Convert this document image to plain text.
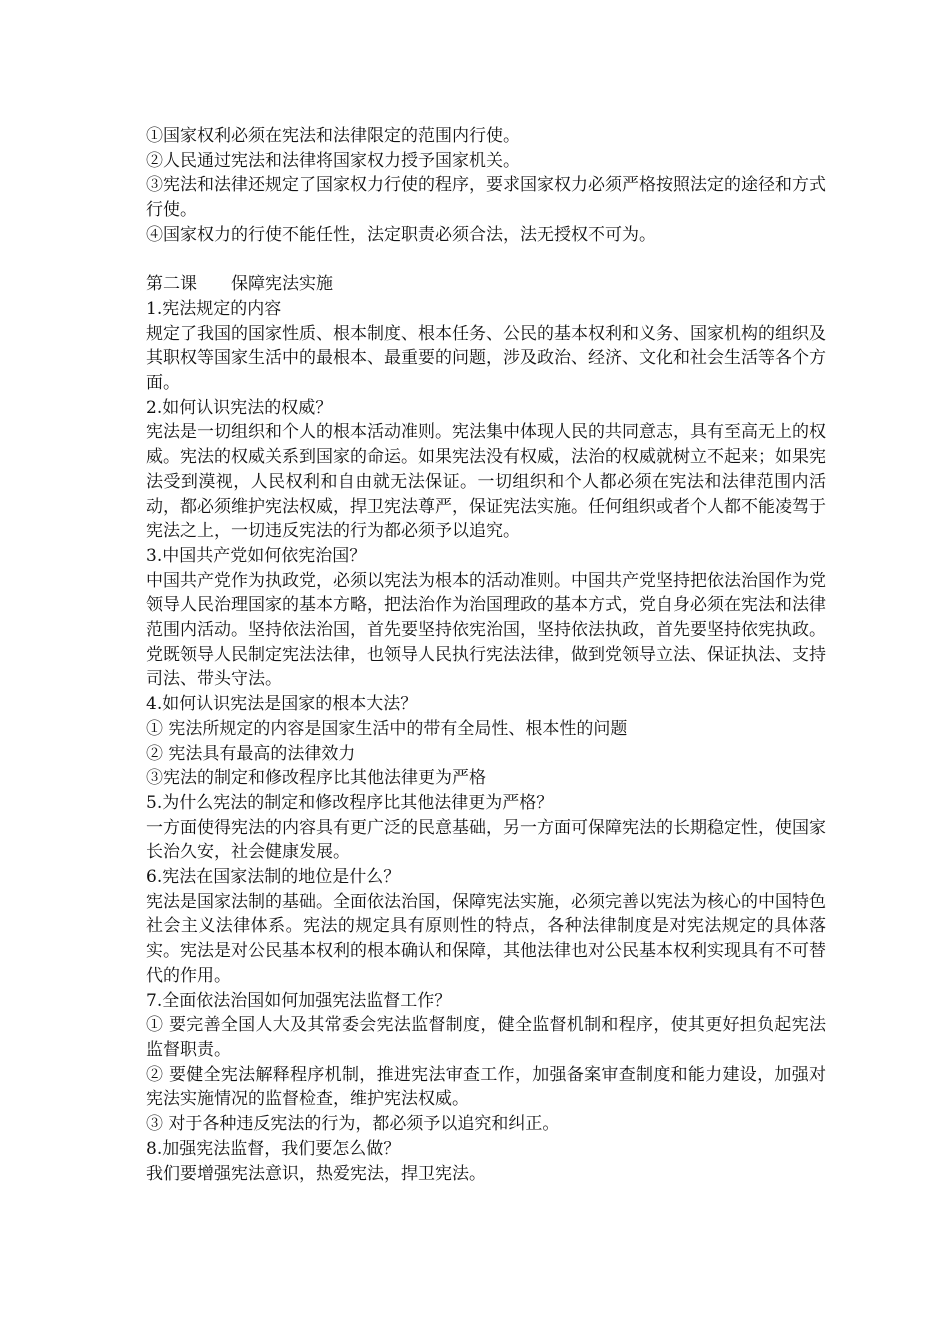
①国家权利必须在宪法和法律限定的范围内行使。

②人民通过宪法和法律将国家权力授予国家机关。

③宪法和法律还规定了国家权力行使的程序，要求国家权力必须严格按照法定的途径和方式行使。

④国家权力的行使不能任性，法定职责必须合法，法无授权不可为。

第二课　　保障宪法实施

1.宪法规定的内容

规定了我国的国家性质、根本制度、根本任务、公民的基本权利和义务、国家机构的组织及其职权等国家生活中的最根本、最重要的问题，涉及政治、经济、文化和社会生活等各个方面。

2.如何认识宪法的权威？

宪法是一切组织和个人的根本活动准则。宪法集中体现人民的共同意志，具有至高无上的权威。宪法的权威关系到国家的命运。如果宪法没有权威，法治的权威就树立不起来；如果宪法受到漠视，人民权利和自由就无法保证。一切组织和个人都必须在宪法和法律范围内活动，都必须维护宪法权威，捍卫宪法尊严，保证宪法实施。任何组织或者个人都不能凌驾于宪法之上，一切违反宪法的行为都必须予以追究。

3.中国共产党如何依宪治国？

中国共产党作为执政党，必须以宪法为根本的活动准则。中国共产党坚持把依法治国作为党领导人民治理国家的基本方略，把法治作为治国理政的基本方式，党自身必须在宪法和法律范围内活动。坚持依法治国，首先要坚持依宪治国，坚持依法执政，首先要坚持依宪执政。党既领导人民制定宪法法律，也领导人民执行宪法法律，做到党领导立法、保证执法、支持司法、带头守法。

4.如何认识宪法是国家的根本大法？

① 宪法所规定的内容是国家生活中的带有全局性、根本性的问题

② 宪法具有最高的法律效力

③宪法的制定和修改程序比其他法律更为严格

5.为什么宪法的制定和修改程序比其他法律更为严格？

一方面使得宪法的内容具有更广泛的民意基础，另一方面可保障宪法的长期稳定性，使国家长治久安，社会健康发展。

6.宪法在国家法制的地位是什么？

宪法是国家法制的基础。全面依法治国，保障宪法实施，必须完善以宪法为核心的中国特色社会主义法律体系。宪法的规定具有原则性的特点，各种法律制度是对宪法规定的具体落实。宪法是对公民基本权利的根本确认和保障，其他法律也对公民基本权利实现具有不可替代的作用。

7.全面依法治国如何加强宪法监督工作？

① 要完善全国人大及其常委会宪法监督制度，健全监督机制和程序，使其更好担负起宪法监督职责。

② 要健全宪法解释程序机制，推进宪法审查工作，加强备案审查制度和能力建设，加强对宪法实施情况的监督检查，维护宪法权威。

③ 对于各种违反宪法的行为，都必须予以追究和纠正。

8.加强宪法监督，我们要怎么做？

我们要增强宪法意识，热爱宪法，捍卫宪法。
